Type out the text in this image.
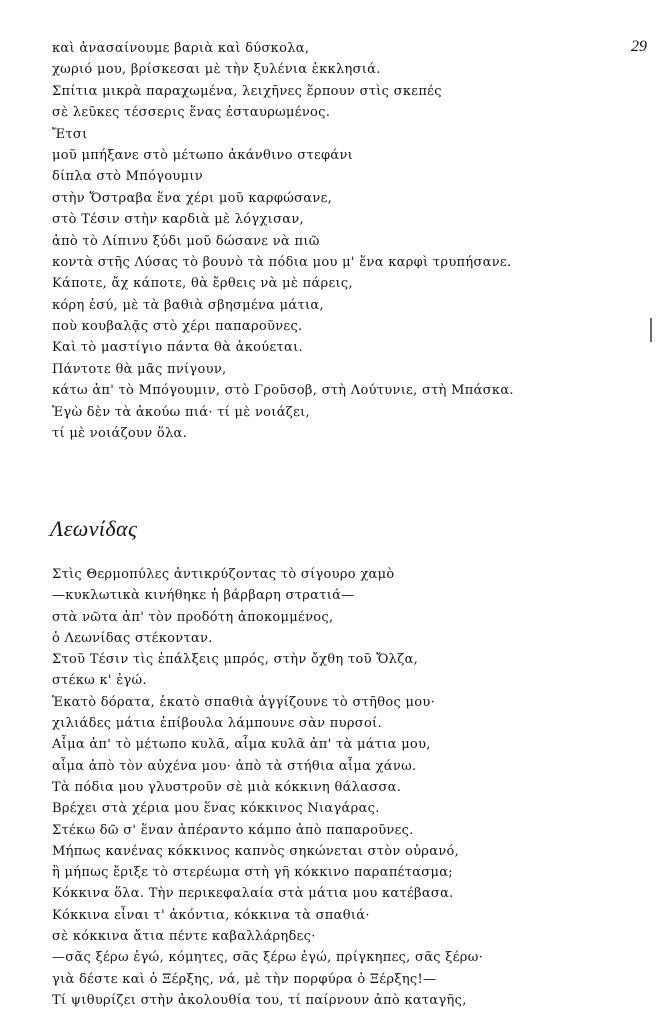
29
καὶ ἀνασαίνουμε βαριὰ καὶ δύσκολα,
χωριό μου, βρίσκεσαι μὲ τὴν ξυλένια ἐκκλησιά.
Σπίτια μικρὰ παραχωμένα, λειχῆνες ἕρπουν στὶς σκεπές
σὲ λεῦκες τέσσερις ἕνας ἐσταυρωμένος.
Ἔτσι
μοῦ μπήξανε στὸ μέτωπο ἀκάνθινο στεφάνι
δίπλα στὸ Μπόγουμιν
στὴν Ὄστραβα ἕνα χέρι μοῦ καρφώσανε,
στὸ Τέσιν στὴν καρδιὰ μὲ λόγχισαν,
ἀπὸ τὸ Λίπινυ ξύδι μοῦ δώσανε νὰ πιῶ
κοντὰ στῆς Λύσας τὸ βουνὸ τὰ πόδια μου μ' ἕνα καρφὶ τρυπήσανε.
Κάποτε, ἄχ κάποτε, θὰ ἔρθεις νὰ μὲ πάρεις,
κόρη ἐσύ, μὲ τὰ βαθιὰ σβησμένα μάτια,
ποὺ κουβαλᾷς στὸ χέρι παπαροῦνες.
Καὶ τὸ μαστίγιο πάντα θὰ ἀκούεται.
Πάντοτε θὰ μᾶς πνίγουν,
κάτω ἀπ' τὸ Μπόγουμιν, στὸ Γροῦσοβ, στὴ Λούτυνιε, στὴ Μπάσκα.
Ἐγὼ δὲν τὰ ἀκούω πιά· τί μὲ νοιάζει,
τί μὲ νοιάζουν ὅλα.
Λεωνίδας
Στὶς Θερμοπύλες ἀντικρύζοντας τὸ σίγουρο χαμὸ
—κυκλωτικὰ κινήθηκε ἡ βάρβαρη στρατιά—
στὰ νῶτα ἀπ' τὸν προδότη ἀποκομμένος,
ὁ Λεωνίδας στέκονταν.
Στοῦ Τέσιν τὶς ἐπάλξεις μπρός, στὴν ὄχθη τοῦ Ὄλζα,
στέκω κ' ἐγώ.
Ἑκατὸ δόρατα, ἑκατὸ σπαθιὰ ἀγγίζουνε τὸ στῆθος μου·
χιλιάδες μάτια ἐπίβουλα λάμπουνε σὰν πυρσοί.
Αἷμα ἀπ' τὸ μέτωπο κυλᾶ, αἷμα κυλᾶ ἀπ' τὰ μάτια μου,
αἷμα ἀπὸ τὸν αὐχένα μου· ἀπὸ τὰ στήθια αἷμα χάνω.
Τὰ πόδια μου γλυστροῦν σὲ μιὰ κόκκινη θάλασσα.
Βρέχει στὰ χέρια μου ἕνας κόκκινος Νιαγάρας.
Στέκω δῶ σ' ἕναν ἀπέραντο κάμπο ἀπὸ παπαροῦνες.
Μήπως κανένας κόκκινος καπνὸς σηκώνεται στὸν οὐρανό,
ἢ μήπως ἔριξε τὸ στερέωμα στὴ γῆ κόκκινο παραπέτασμα;
Κόκκινα ὅλα. Τὴν περικεφαλαία στὰ μάτια μου κατέβασα.
Κόκκινα εἶναι τ' ἀκόντια, κόκκινα τὰ σπαθιά·
σὲ κόκκινα ἄτια πέντε καβαλλάρηδες·
—σᾶς ξέρω ἐγώ, κόμητες, σᾶς ξέρω ἐγώ, πρίγκηπες, σᾶς ξέρω·
γιὰ δέστε καὶ ὁ Ξέρξης, νά, μὲ τὴν πορφύρα ὁ Ξέρξης!—
Τί ψιθυρίζει στὴν ἀκολουθία του, τί παίρνουν ἀπὸ καταγῆς,
